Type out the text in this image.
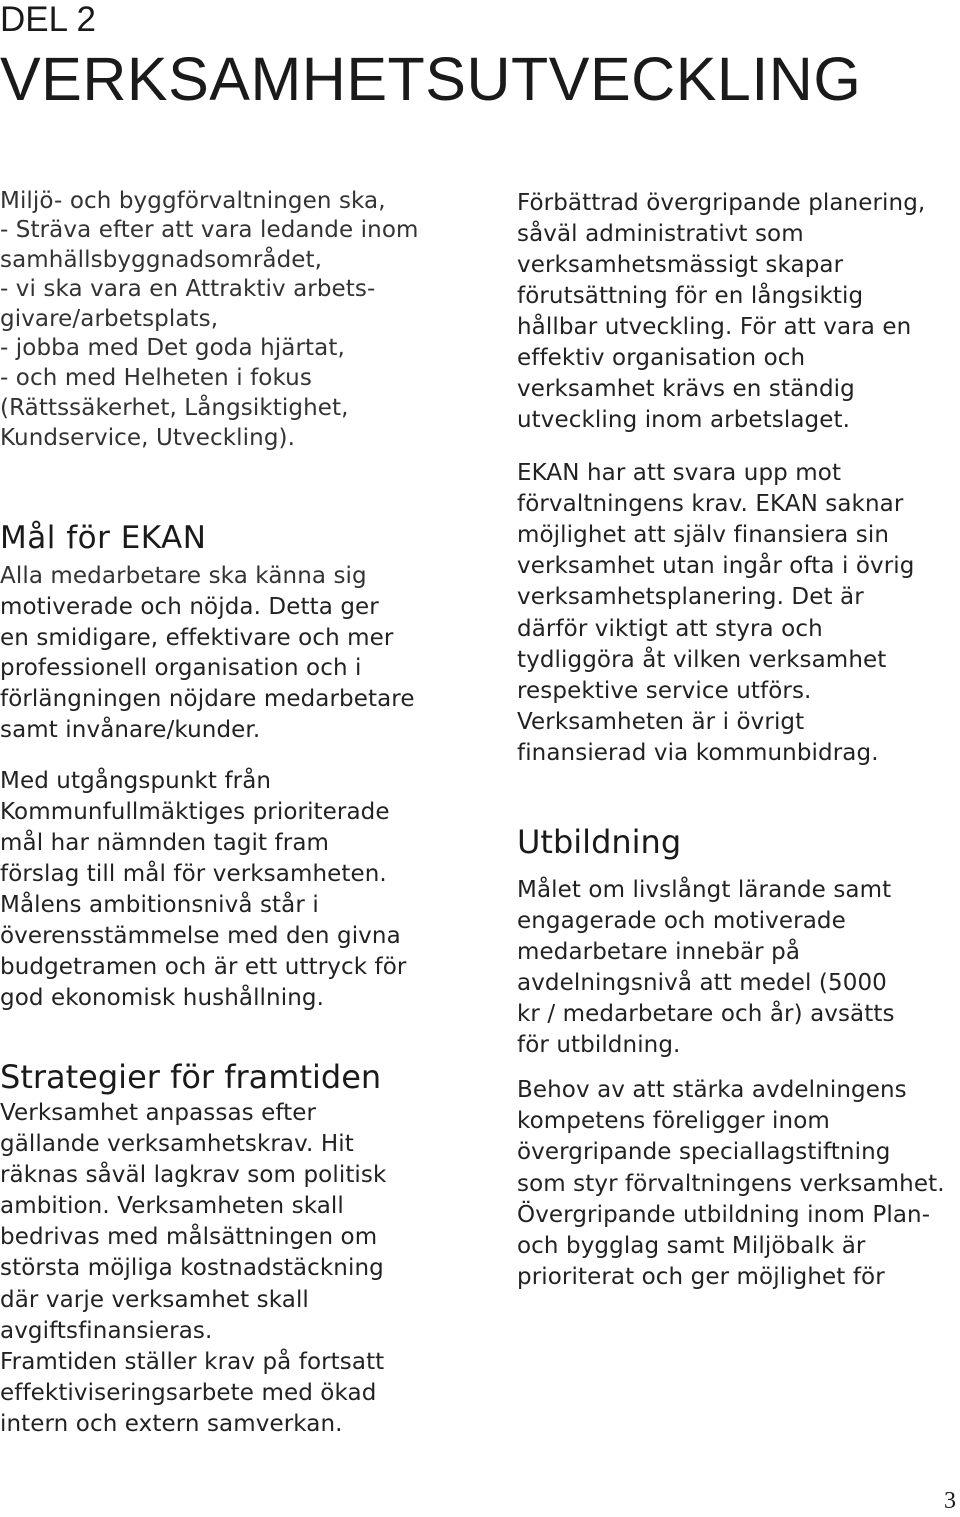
DEL 2
VERKSAMHETSUTVECKLING
Miljö- och byggförvaltningen ska,
- Sträva efter att vara ledande inom
samhällsbyggnadsområdet,
- vi ska vara en Attraktiv arbets-
givare/arbetsplats,
- jobba med Det goda hjärtat,
- och med Helheten i fokus
(Rättssäkerhet, Långsiktighet,
Kundservice, Utveckling).
Mål för EKAN
Alla medarbetare ska känna sig
motiverade och nöjda. Detta ger
en smidigare, effektivare och mer
professionell organisation och i
förlängningen nöjdare medarbetare
samt invånare/kunder.
Med utgångspunkt från
Kommunfullmäktiges prioriterade
mål har nämnden tagit fram
förslag till mål för verksamheten.
Målens ambitionsnivå står i
överensstämmelse med den givna
budgetramen och är ett uttryck för
god ekonomisk hushållning.
Strategier för framtiden
Verksamhet anpassas efter
gällande verksamhetskrav. Hit
räknas såväl lagkrav som politisk
ambition. Verksamheten skall
bedrivas med målsättningen om
största möjliga kostnadstäckning
där varje verksamhet skall
avgiftsfinansieras.
Framtiden ställer krav på fortsatt
effektiviseringsarbete med ökad
intern och extern samverkan.
Förbättrad övergripande planering,
såväl administrativt som
verksamhetsmässigt skapar
förutsättning för en långsiktig
hållbar utveckling. För att vara en
effektiv organisation och
verksamhet krävs en ständig
utveckling inom arbetslaget.
EKAN har att svara upp mot
förvaltningens krav. EKAN saknar
möjlighet att själv finansiera sin
verksamhet utan ingår ofta i övrig
verksamhetsplanering. Det är
därför viktigt att styra och
tydliggöra åt vilken verksamhet
respektive service utförs.
Verksamheten är i övrigt
finansierad via kommunbidrag.
Utbildning
Målet om livslångt lärande samt
engagerade och motiverade
medarbetare innebär på
avdelningsnivå att medel (5000
kr / medarbetare och år) avsätts
för utbildning.
Behov av att stärka avdelningens
kompetens föreligger inom
övergripande speciallagstiftning
som styr förvaltningens verksamhet.
Övergripande utbildning inom Plan-
och bygglag samt Miljöbalk är
prioriterat och ger möjlighet för
3
